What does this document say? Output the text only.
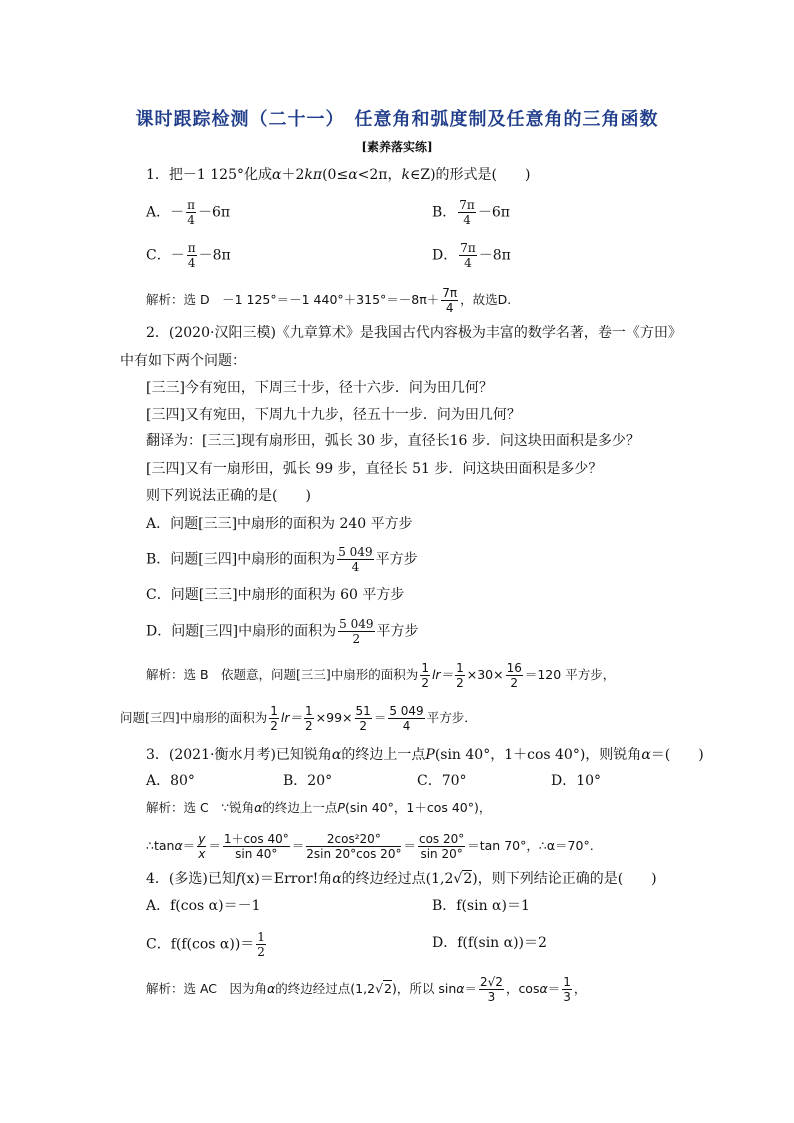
课时跟踪检测（二十一）　任意角和弧度制及任意角的三角函数
[素养落实练]
1．把－1 125°化成α＋2kπ(0≤α<2π，k∈Z)的形式是(　　)
A．－ $\frac{\pi}{4} -6\pi$	B． $\frac{7\pi}{4} -6\pi$
C．－ $\frac{\pi}{4} -8\pi$	D． $\frac{7\pi}{4} -8\pi$
解析：选 D　－1 125°＝－1 $440^\circ+315^\circ=-8\pi+ \frac{7\pi}{4}$ ，故选D.
2．(2020·汉阳三模)《九章算术》是我国古代内容极为丰富的数学名著，卷一《方田》
中有如下两个问题：
[三三]今有宛田，下周三十步，径十六步．问为田几何？
[三四]又有宛田，下周九十九步，径五十一步．问为田几何？
翻译为：[三三]现有扇形田，弧长 30 步，直径长16 步．问这块田面积是多少？
[三四]又有一扇形田，弧长 99 步，直径长 51 步．问这块田面积是多少？
则下列说法正确的是(　　)
A．问题[三三]中扇形的面积为 240 平方步
B．问题[三四]中扇形的面积为 $\frac{5 049}{4}$ 平方步
C．问题[三三]中扇形的面积为 60 平方步
D．问题[三四]中扇形的面积为 $\frac{5 049}{2}$ 平方步
解析：选 B　依题意，问题[三三]中扇形的面积为 $\frac{1}{2} lr= \frac{1}{2} \times 30\times \frac{16}{2} =120$ 平方步，
问题[三四]中扇形的面积为 $\frac{1}{2} lr= \frac{1}{2} \times 99\times \frac{51}{2} = \frac{5 049}{4}$ 平方步．
3．(2021·衡水月考)已知锐角α的终边上一点P(sin 40°，1＋cos 40°)，则锐角α＝(　　)
A．80°	B．20°	C．70°	D．10°
解析：选 C　∵锐角α的终边上一点P(sin 40°，1＋cos 40°)，
∴tanα＝ $\frac{y}{x} = \frac{1+\cos 40^\circ}{\sin 40^\circ} = \frac{\text{2cos²20°}}{2\sin 20^\circ\cos 20^\circ} = \frac{\cos 20^\circ}{\sin 20^\circ} =\tan$ 70°，∴α＝70°.
4．(多选)已知f(x)＝Error!角α的终边经过点(1,2√2)，则下列结论正确的是(　　)
A．f(cos α)＝－1	B．f(sin α)＝1
C．f(f(cos $\alpha))= \frac{1}{2}$	D．f(f(sin α))＝2
解析：选 AC　因为角α的终边经过点(1,2√2)，所以 $\sin\alpha= \frac{2√2}{3}$ ，$\cos\alpha= \frac{1}{3}$ ，
